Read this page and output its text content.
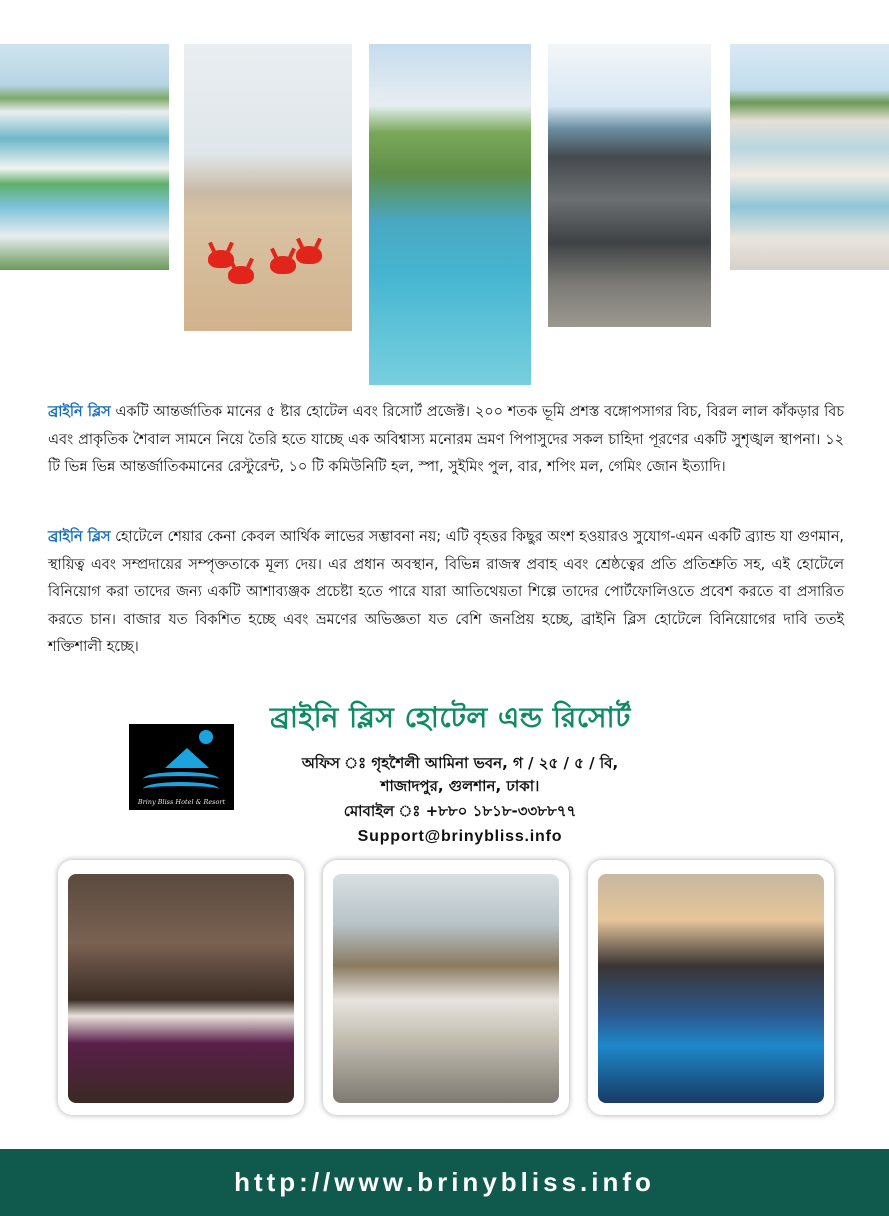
ব্রাইনি ব্লিস একটি আন্তর্জাতিক মানের ৫ ষ্টার হোটেল এবং রিসোর্ট প্রজেক্ট। ২০০ শতক ভূমি প্রশস্ত বঙ্গোপসাগর বিচ, বিরল লাল কাঁকড়ার বিচ এবং প্রাকৃতিক শৈবাল সামনে নিয়ে তৈরি হতে যাচ্ছে এক অবিশ্বাস্য মনোরম ভ্রমণ পিপাসুদের সকল চাহিদা পূরণের একটি সুশৃঙ্খল স্থাপনা। ১২ টি ভিন্ন ভিন্ন আন্তর্জাতিকমানের রেস্টুরেন্ট, ১০ টি কমিউনিটি হল, স্পা, সুইমিং পুল, বার, শপিং মল, গেমিং জোন ইত্যাদি।

ব্রাইনি ব্লিস হোটেলে শেয়ার কেনা কেবল আর্থিক লাভের সম্ভাবনা নয়; এটি বৃহত্তর কিছুর অংশ হওয়ারও সুযোগ-এমন একটি ব্র্যান্ড যা গুণমান, স্থায়িত্ব এবং সম্প্রদায়ের সম্পৃক্ততাকে মূল্য দেয়। এর প্রধান অবস্থান, বিভিন্ন রাজস্ব প্রবাহ এবং শ্রেষ্ঠত্বের প্রতি প্রতিশ্রুতি সহ, এই হোটেলে বিনিয়োগ করা তাদের জন্য একটি আশাব্যঞ্জক প্রচেষ্টা হতে পারে যারা আতিথেয়তা শিল্পে তাদের পোর্টফোলিওতে প্রবেশ করতে বা প্রসারিত করতে চান। বাজার যত বিকশিত হচ্ছে এবং ভ্রমণের অভিজ্ঞতা যত বেশি জনপ্রিয় হচ্ছে, ব্রাইনি ব্লিস হোটেলে বিনিয়োগের দাবি ততই শক্তিশালী হচ্ছে।

ব্রাইনি ব্লিস হোটেল এন্ড রিসোর্ট
Briny Bliss Hotel & Resort
অফিস ঃ গৃহশৈলী আমিনা ভবন, গ / ২৫ / ৫ / বি,
শাজাদপুর, গুলশান, ঢাকা।
মোবাইল ঃ +৮৮০ ১৮১৮-৩৩৮৮৭৭
Support@brinybliss.info
http://www.brinybliss.info
